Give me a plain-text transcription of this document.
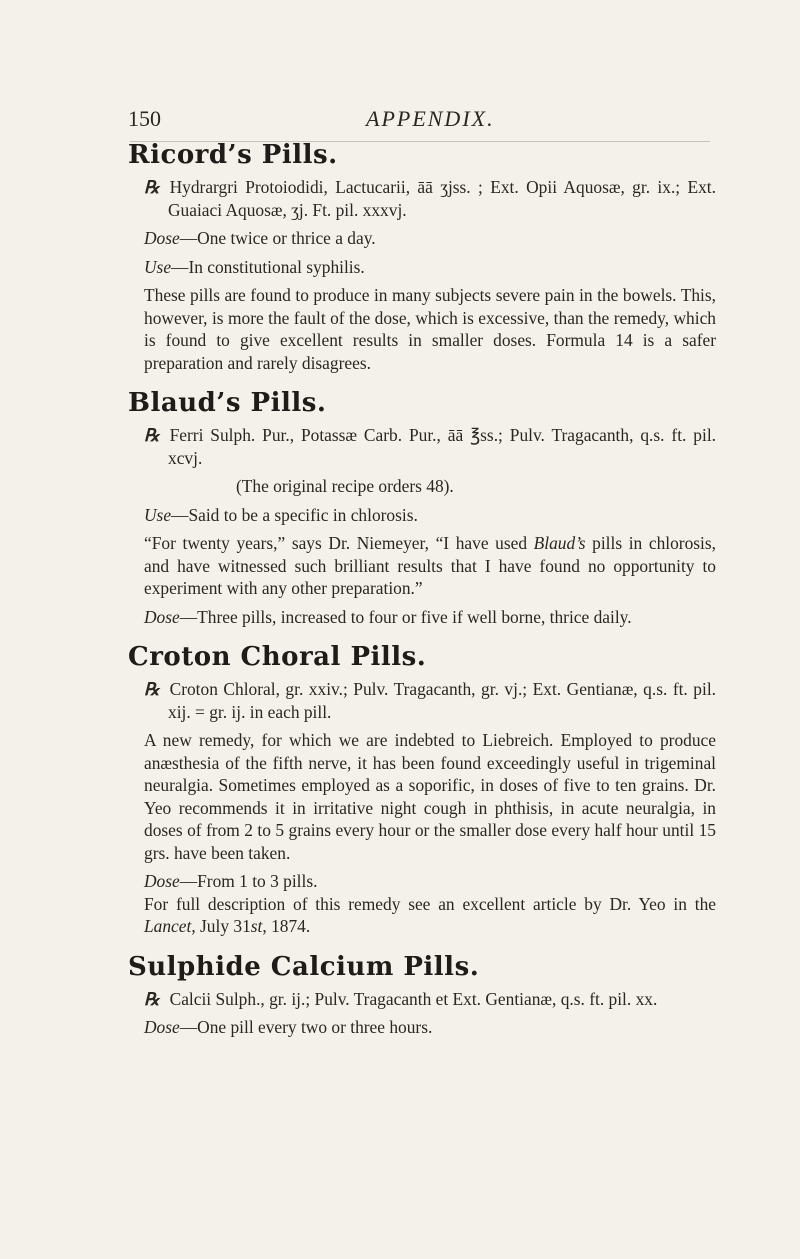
150	APPENDIX.
Ricord’s Pills.

℞ Hydrargri Protoiodidi, Lactucarii, āā ʒjss. ; Ext. Opii Aquosæ, gr. ix.; Ext. Guaiaci Aquosæ, ʒj. Ft. pil. xxxvj.

Dose—One twice or thrice a day.

Use—In constitutional syphilis.

These pills are found to produce in many subjects severe pain in the bowels. This, however, is more the fault of the dose, which is excessive, than the remedy, which is found to give excellent results in smaller doses. Formula 14 is a safer preparation and rarely disagrees.

Blaud’s Pills.

℞ Ferri Sulph. Pur., Potassæ Carb. Pur., āā ℥ss.; Pulv. Tragacanth, q.s. ft. pil. xcvj.

(The original recipe orders 48).

Use—Said to be a specific in chlorosis.

“For twenty years,” says Dr. Niemeyer, “I have used Blaud’s pills in chlorosis, and have witnessed such brilliant results that I have found no opportunity to experiment with any other preparation.”

Dose—Three pills, increased to four or five if well borne, thrice daily.

Croton Choral Pills.

℞ Croton Chloral, gr. xxiv.; Pulv. Tragacanth, gr. vj.; Ext. Gentianæ, q.s. ft. pil. xij. = gr. ij. in each pill.

A new remedy, for which we are indebted to Liebreich. Employed to produce anæsthesia of the fifth nerve, it has been found exceedingly useful in trigeminal neuralgia. Sometimes employed as a soporific, in doses of five to ten grains. Dr. Yeo recommends it in irritative night cough in phthisis, in acute neuralgia, in doses of from 2 to 5 grains every hour or the smaller dose every half hour until 15 grs. have been taken.

Dose—From 1 to 3 pills.

For full description of this remedy see an excellent article by Dr. Yeo in the Lancet, July 31st, 1874.

Sulphide Calcium Pills.

℞ Calcii Sulph., gr. ij.; Pulv. Tragacanth et Ext. Gentianæ, q.s. ft. pil. xx.

Dose—One pill every two or three hours.
